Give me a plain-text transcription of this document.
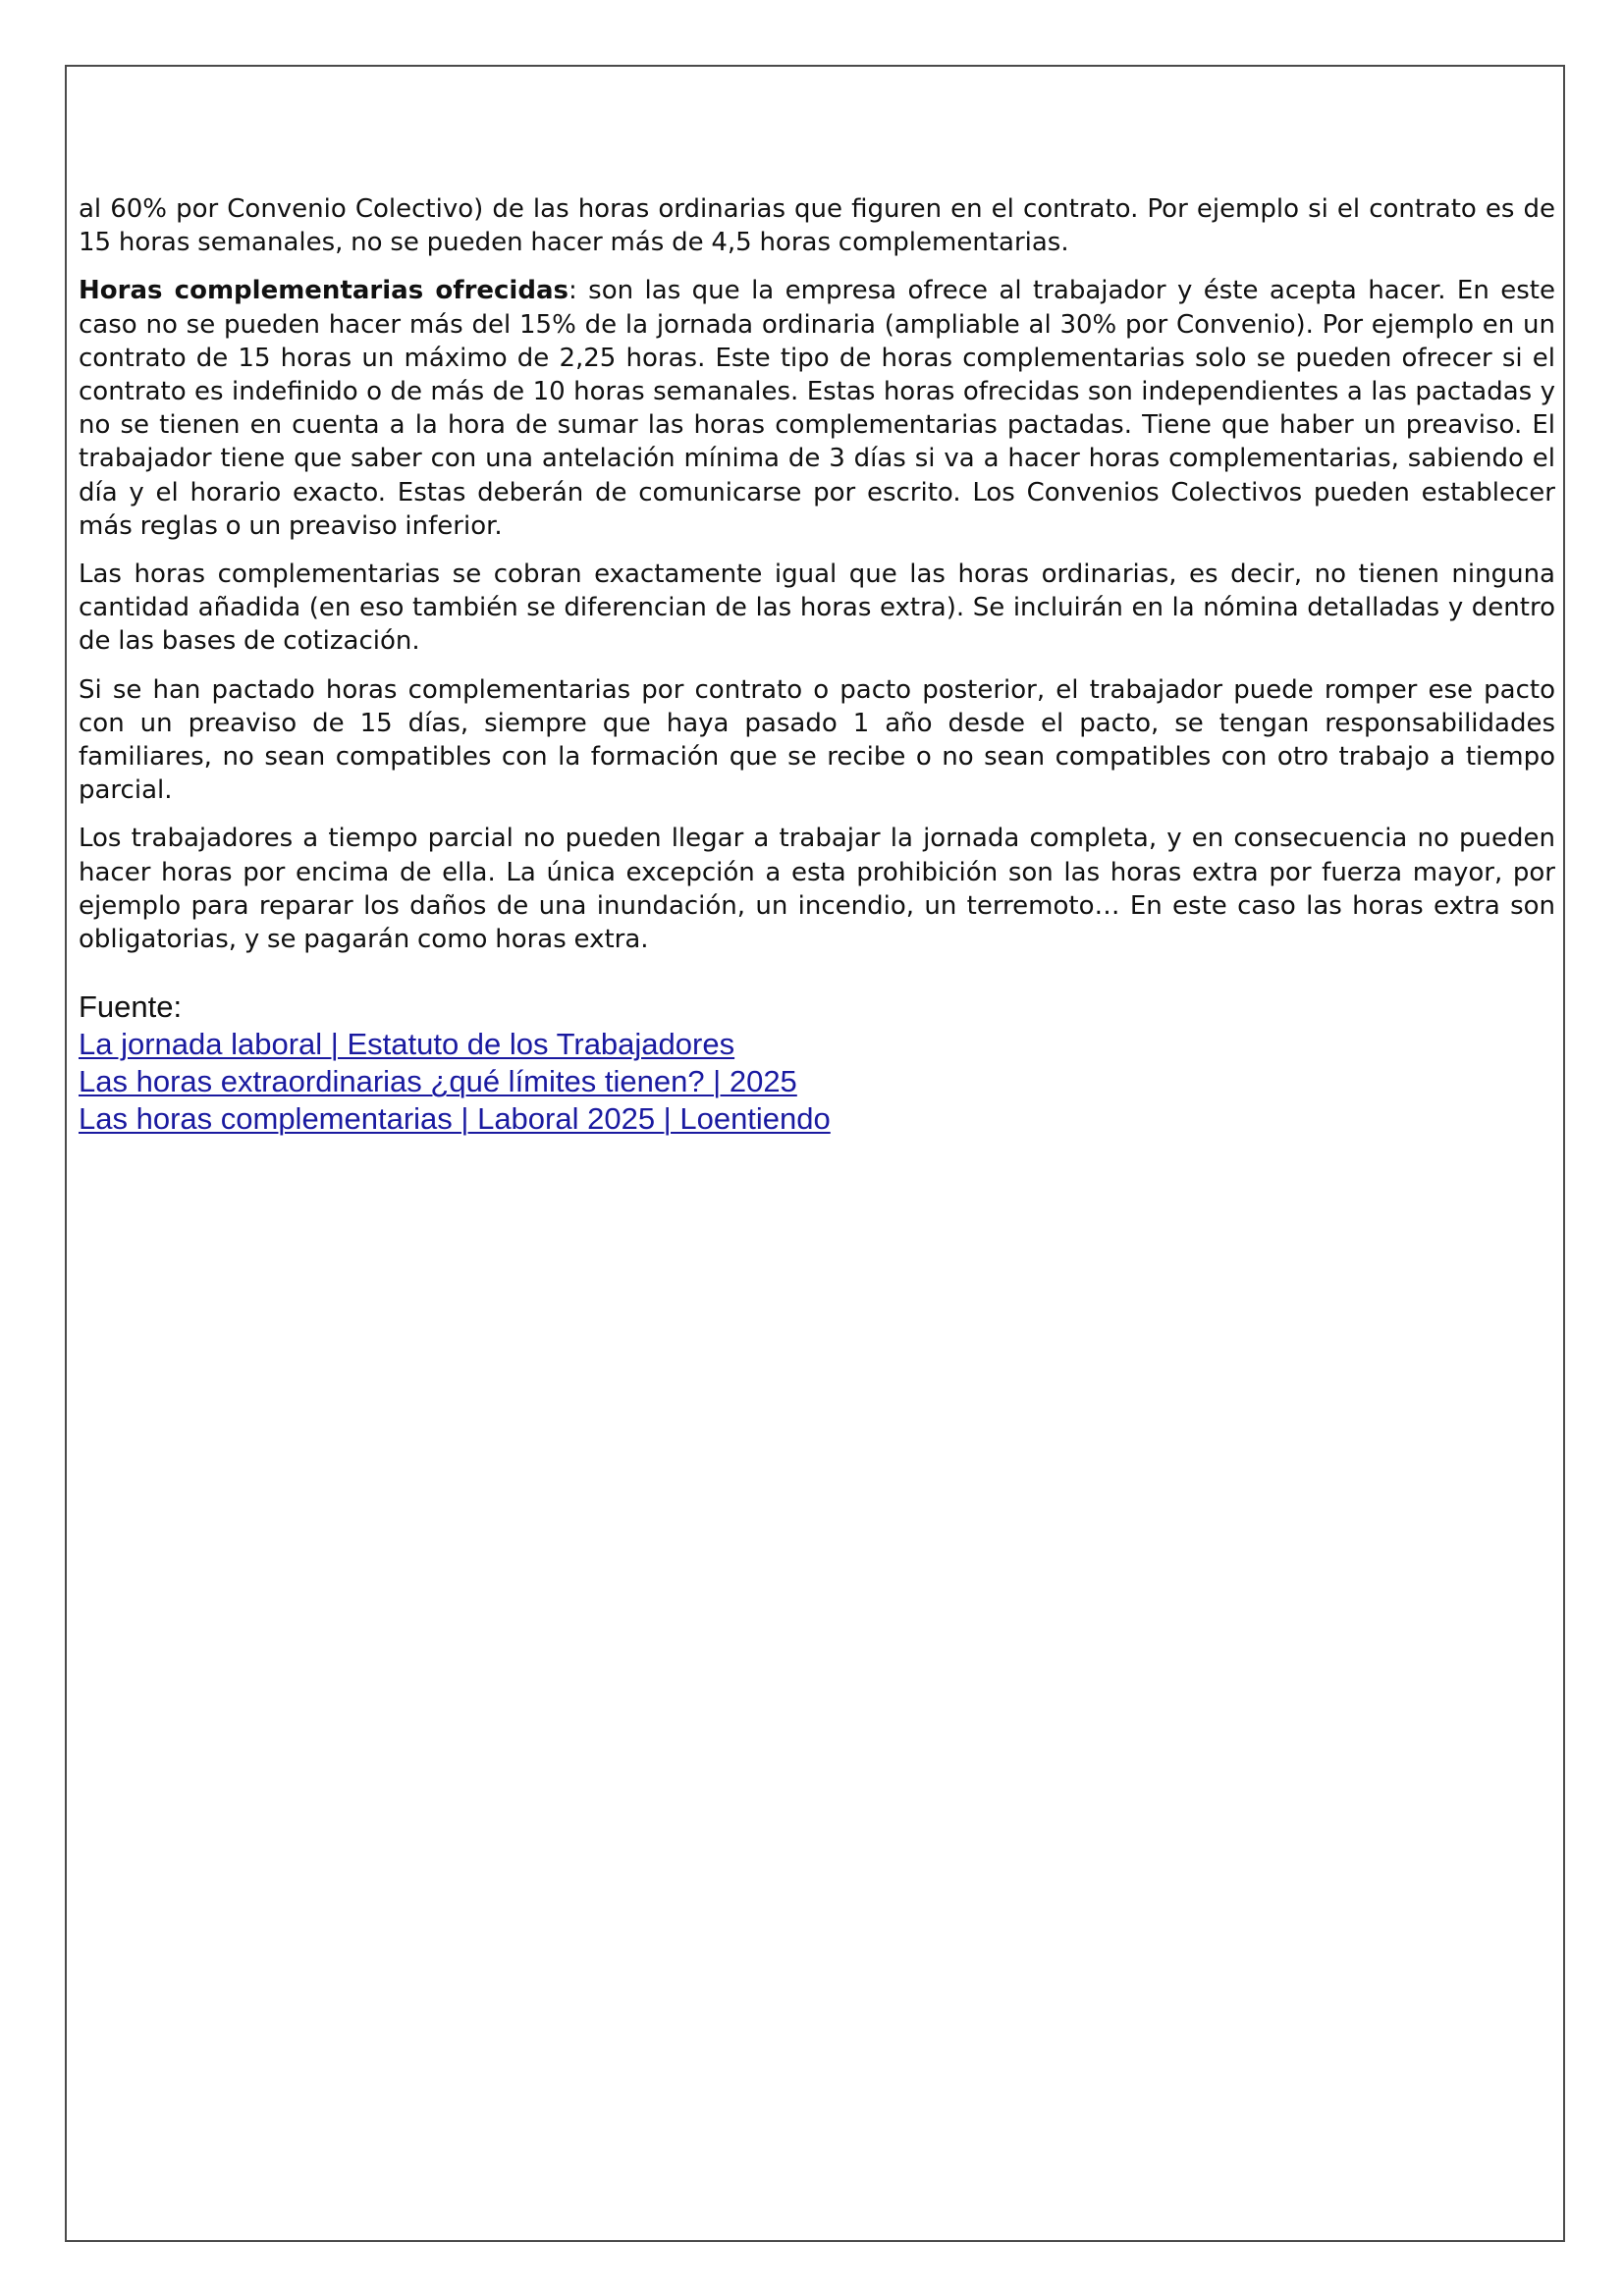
al 60% por Convenio Colectivo) de las horas ordinarias que figuren en el contrato. Por ejemplo si el contrato es de 15 horas semanales, no se pueden hacer más de 4,5 horas complementarias.

Horas complementarias ofrecidas: son las que la empresa ofrece al trabajador y éste acepta hacer. En este caso no se pueden hacer más del 15% de la jornada ordinaria (ampliable al 30% por Convenio). Por ejemplo en un contrato de 15 horas un máximo de 2,25 horas. Este tipo de horas complementarias solo se pueden ofrecer si el contrato es indefinido o de más de 10 horas semanales. Estas horas ofrecidas son independientes a las pactadas y no se tienen en cuenta a la hora de sumar las horas complementarias pactadas. Tiene que haber un preaviso. El trabajador tiene que saber con una antelación mínima de 3 días si va a hacer horas complementarias, sabiendo el día y el horario exacto. Estas deberán de comunicarse por escrito. Los Convenios Colectivos pueden establecer más reglas o un preaviso inferior.

Las horas complementarias se cobran exactamente igual que las horas ordinarias, es decir, no tienen ninguna cantidad añadida (en eso también se diferencian de las horas extra). Se incluirán en la nómina detalladas y dentro de las bases de cotización.

Si se han pactado horas complementarias por contrato o pacto posterior, el trabajador puede romper ese pacto con un preaviso de 15 días, siempre que haya pasado 1 año desde el pacto, se tengan responsabilidades familiares, no sean compatibles con la formación que se recibe o no sean compatibles con otro trabajo a tiempo parcial.

Los trabajadores a tiempo parcial no pueden llegar a trabajar la jornada completa, y en consecuencia no pueden hacer horas por encima de ella. La única excepción a esta prohibición son las horas extra por fuerza mayor, por ejemplo para reparar los daños de una inundación, un incendio, un terremoto… En este caso las horas extra son obligatorias, y se pagarán como horas extra.

Fuente:
La jornada laboral | Estatuto de los Trabajadores
Las horas extraordinarias ¿qué límites tienen? | 2025
Las horas complementarias | Laboral 2025 | Loentiendo
